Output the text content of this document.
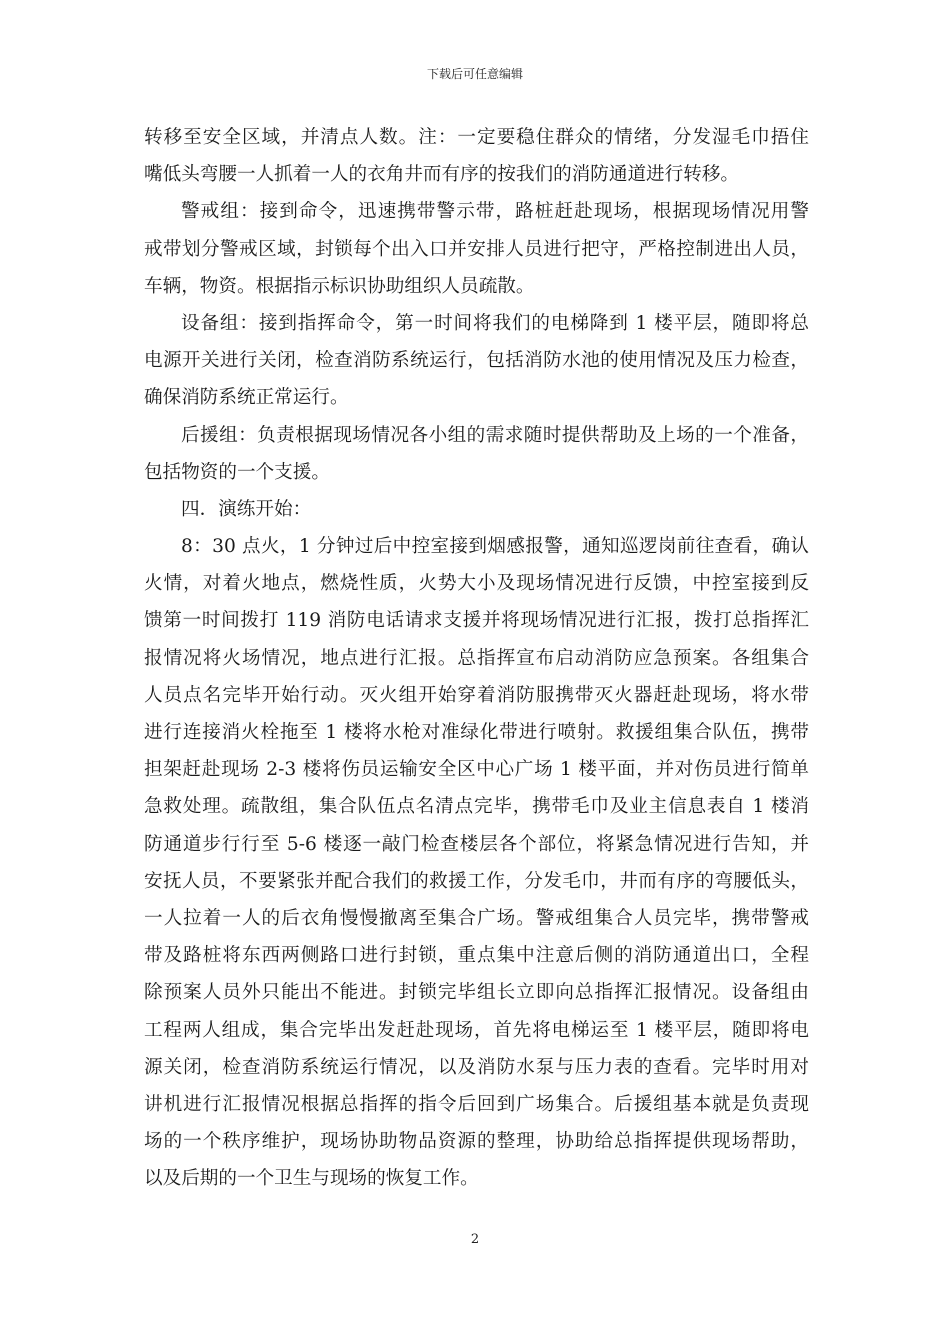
下载后可任意编辑
转移至安全区域，并清点人数。注：一定要稳住群众的情绪，分发湿毛巾捂住
嘴低头弯腰一人抓着一人的衣角井而有序的按我们的消防通道进行转移。
警戒组：接到命令，迅速携带警示带，路桩赶赴现场，根据现场情况用警
戒带划分警戒区域，封锁每个出入口并安排人员进行把守，严格控制进出人员，
车辆，物资。根据指示标识协助组织人员疏散。
设备组：接到指挥命令，第一时间将我们的电梯降到 1 楼平层，随即将总
电源开关进行关闭，检查消防系统运行，包括消防水池的使用情况及压力检查，
确保消防系统正常运行。
后援组：负责根据现场情况各小组的需求随时提供帮助及上场的一个准备，
包括物资的一个支援。
四．演练开始：
8：30 点火，1 分钟过后中控室接到烟感报警，通知巡逻岗前往查看，确认
火情，对着火地点，燃烧性质，火势大小及现场情况进行反馈，中控室接到反
馈第一时间拨打 119 消防电话请求支援并将现场情况进行汇报，拨打总指挥汇
报情况将火场情况，地点进行汇报。总指挥宣布启动消防应急预案。各组集合
人员点名完毕开始行动。灭火组开始穿着消防服携带灭火器赶赴现场，将水带
进行连接消火栓拖至 1 楼将水枪对准绿化带进行喷射。救援组集合队伍，携带
担架赶赴现场 2-3 楼将伤员运输安全区中心广场 1 楼平面，并对伤员进行简单
急救处理。疏散组，集合队伍点名清点完毕，携带毛巾及业主信息表自 1 楼消
防通道步行行至 5-6 楼逐一敲门检查楼层各个部位，将紧急情况进行告知，并
安抚人员，不要紧张并配合我们的救援工作，分发毛巾，井而有序的弯腰低头，
一人拉着一人的后衣角慢慢撤离至集合广场。警戒组集合人员完毕，携带警戒
带及路桩将东西两侧路口进行封锁，重点集中注意后侧的消防通道出口，全程
除预案人员外只能出不能进。封锁完毕组长立即向总指挥汇报情况。设备组由
工程两人组成，集合完毕出发赶赴现场，首先将电梯运至 1 楼平层，随即将电
源关闭，检查消防系统运行情况，以及消防水泵与压力表的查看。完毕时用对
讲机进行汇报情况根据总指挥的指令后回到广场集合。后援组基本就是负责现
场的一个秩序维护，现场协助物品资源的整理，协助给总指挥提供现场帮助，
以及后期的一个卫生与现场的恢复工作。
2
